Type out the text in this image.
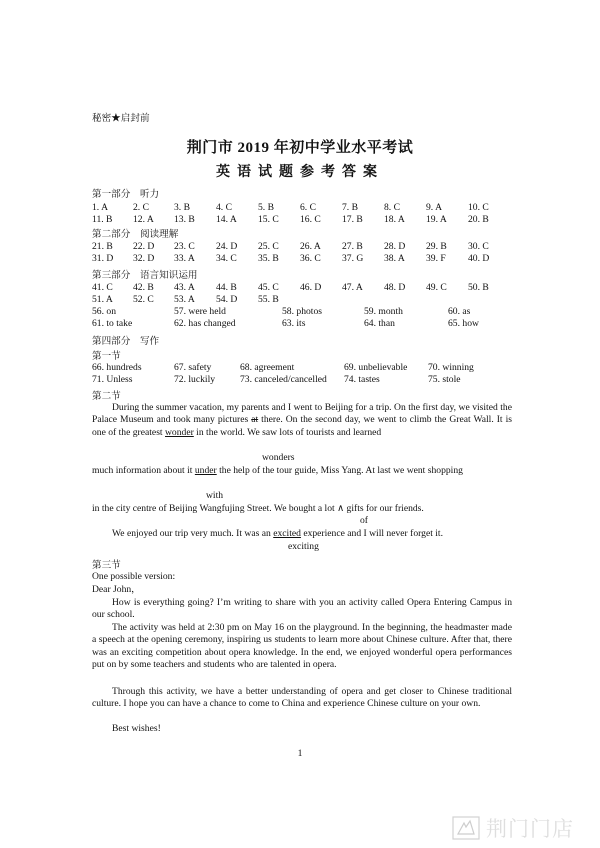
秘密★启封前
荆门市 2019 年初中学业水平考试
英语试题参考答案
第一部分　听力
1. A	2. C	3. B	4. C	5. B	6. C	7. B	8. C	9. A	10. C
11. B 12. A 13. B 14. A 15. C 16. C 17. B 18. A 19. A 20. B
第二部分　阅读理解
21. B 22. D 23. C 24. D 25. C 26. A 27. B 28. D 29. B 30. C
31. D 32. D 33. A 34. C 35. B 36. C 37. G 38. A 39. F 40. D
第三部分　语言知识运用
41. C 42. B 43. A 44. B 45. C 46. D 47. A 48. D 49. C 50. B
51. A 52. C 53. A 54. D 55. B
56. on	57. were held	58. photos	59. month	60. as
61. to take	62. has changed	63. its	64. than	65. how
第四部分　写作
第一节
66. hundreds	67. safety	68. agreement	69. unbelievable 70. winning
71. Unless	72. luckily	73. canceled/cancelled 74. tastes	75. stole
第二节
During the summer vacation, my parents and I went to Beijing for a trip. On the first day, we visited the Palace Museum and took many pictures at there. On the second day, we went to climb the Great Wall. It is one of the greatest wonder in the world. We saw lots of tourists and learned
wonders
much information about it under the help of the tour guide, Miss Yang. At last we went shopping
with
in the city centre of Beijing Wangfujing Street. We bought a lot ∧ gifts for our friends.
of
We enjoyed our trip very much. It was an excited experience and I will never forget it.
exciting
第三节
One possible version:
Dear John，
How is everything going? I’m writing to share with you an activity called Opera Entering Campus in our school.
The activity was held at 2:30 pm on May 16 on the playground. In the beginning, the headmaster made a speech at the opening ceremony, inspiring us students to learn more about Chinese culture. After that, there was an exciting competition about opera knowledge. In the end, we enjoyed wonderful opera performances put on by some teachers and students who are talented in opera.
Through this activity, we have a better understanding of opera and get closer to Chinese traditional culture. I hope you can have a chance to come to China and experience Chinese culture on your own.
Best wishes!
1
荆门门店
